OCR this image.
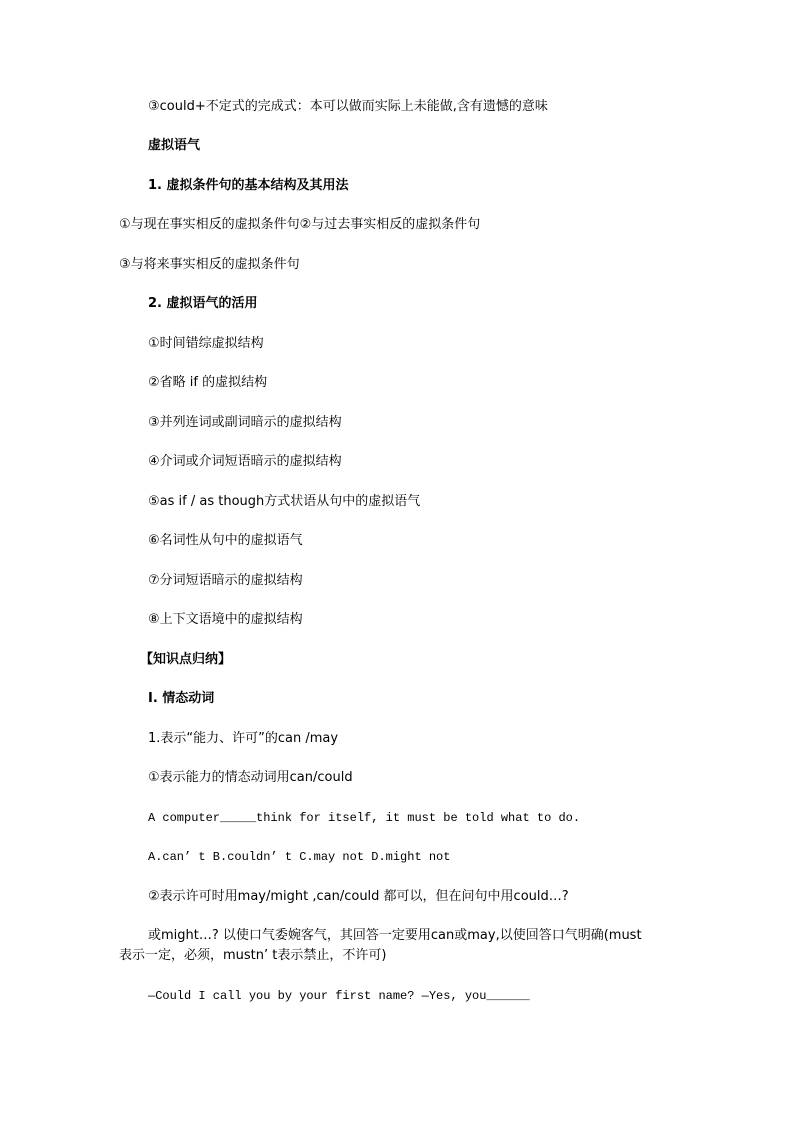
③could+不定式的完成式：本可以做而实际上未能做,含有遗憾的意味
虚拟语气
1. 虚拟条件句的基本结构及其用法
①与现在事实相反的虚拟条件句②与过去事实相反的虚拟条件句
③与将来事实相反的虚拟条件句
2. 虚拟语气的活用
①时间错综虚拟结构
②省略 if 的虚拟结构
③并列连词或副词暗示的虚拟结构
④介词或介词短语暗示的虚拟结构
⑤as if / as though方式状语从句中的虚拟语气
⑥名词性从句中的虚拟语气
⑦分词短语暗示的虚拟结构
⑧上下文语境中的虚拟结构
【知识点归纳】
I. 情态动词
1.表示“能力、许可”的can /may
①表示能力的情态动词用can/could
A computer_____think for itself, it must be told what to do.
A.can’ t B.couldn’ t C.may not D.might not
②表示许可时用may/might ,can/could 都可以，但在问句中用could…?
或might…? 以使口气委婉客气，其回答一定要用can或may,以使回答口气明确(must
表示一定，必须，mustn’ t表示禁止，不许可)
—Could I call you by your first name? —Yes, you______
